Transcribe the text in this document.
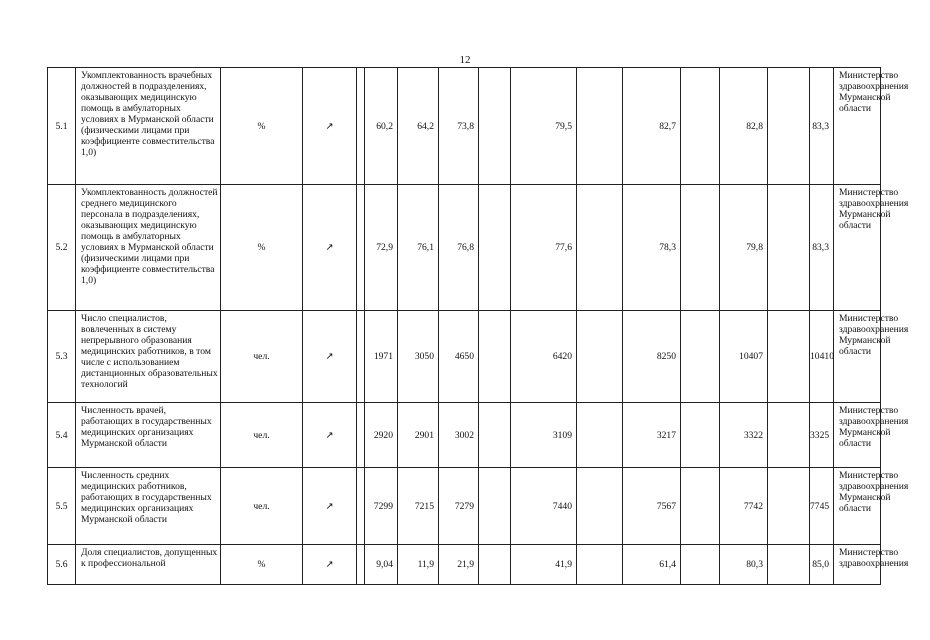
12
5.1	Укомплектованность врачебных должностей в подразделениях, оказывающих медицинскую помощь в амбулаторных условиях в Мурманской области (физическими лицами при коэффициенте совместительства 1,0)	%	↗		60,2	64,2	73,8		79,5		82,7		82,8		83,3	Министерство здравоохранения Мурманской области
5.2	Укомплектованность должностей среднего медицинского персонала в подразделениях, оказывающих медицинскую помощь в амбулаторных условиях в Мурманской области (физическими лицами при коэффициенте совместительства 1,0)	%	↗		72,9	76,1	76,8		77,6		78,3		79,8		83,3	Министерство здравоохранения Мурманской области
5.3	Число специалистов, вовлеченных в систему непрерывного образования медицинских работников, в том числе с использованием дистанционных образовательных технологий	чел.	↗		1971	3050	4650		6420		8250		10407		10410	Министерство здравоохранения Мурманской области
5.4	Численность врачей, работающих в государственных медицинских организациях Мурманской области	чел.	↗		2920	2901	3002		3109		3217		3322		3325	Министерство здравоохранения Мурманской области
5.5	Численность средних медицинских работников, работающих в государственных медицинских организациях Мурманской области	чел.	↗		7299	7215	7279		7440		7567		7742		7745	Министерство здравоохранения Мурманской области
5.6	Доля специалистов, допущенных к профессиональной	%	↗		9,04	11,9	21,9		41,9		61,4		80,3		85,0	Министерство здравоохранения
